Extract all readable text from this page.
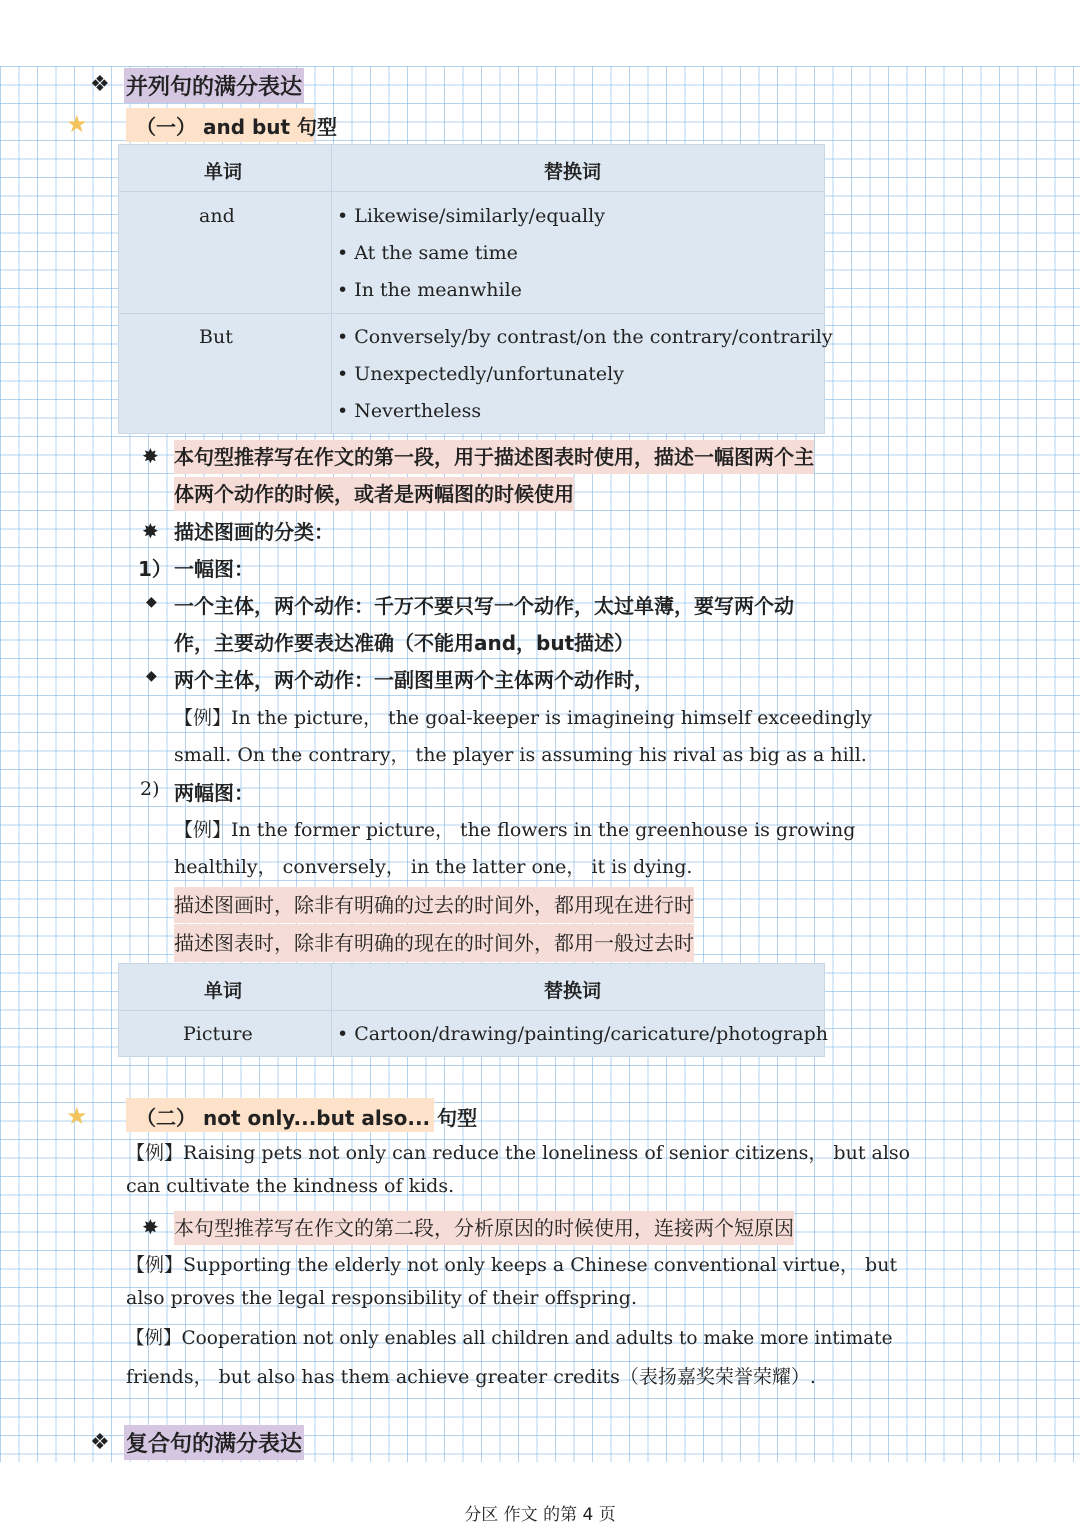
❖ 并列句的满分表达
★ （一） and but 句型
单词	替换词
and	• Likewise/similarly/equally
• At the same time
• In the meanwhile
But	• Conversely/by contrast/on the contrary/contrarily
• Unexpectedly/unfortunately
• Nevertheless
✸ 本句型推荐写在作文的第一段，用于描述图表时使用，描述一幅图两个主
体两个动作的时候，或者是两幅图的时候使用
✸ 描述图画的分类：
1） 一幅图：
◆ 一个主体，两个动作：千万不要只写一个动作，太过单薄，要写两个动
作，主要动作要表达准确（不能用and，but描述）
◆ 两个主体，两个动作：一副图里两个主体两个动作时，
【例】In the picture， the goal-keeper is imagineing himself exceedingly
small. On the contrary， the player is assuming his rival as big as a hill.
2) 两幅图：
【例】In the former picture， the flowers in the greenhouse is growing
healthily， conversely， in the latter one， it is dying.
描述图画时，除非有明确的过去的时间外，都用现在进行时
描述图表时，除非有明确的现在的时间外，都用一般过去时
单词	替换词
Picture	• Cartoon/drawing/painting/caricature/photograph
★ （二） not only...but also... 句型
【例】Raising pets not only can reduce the loneliness of senior citizens， but also
can cultivate the kindness of kids.
✸ 本句型推荐写在作文的第二段，分析原因的时候使用，连接两个短原因
【例】Supporting the elderly not only keeps a Chinese conventional virtue， but
also proves the legal responsibility of their offspring.
【例】Cooperation not only enables all children and adults to make more intimate
friends， but also has them achieve greater credits（表扬嘉奖荣誉荣耀）.
❖ 复合句的满分表达
分区 作文 的第 4 页
